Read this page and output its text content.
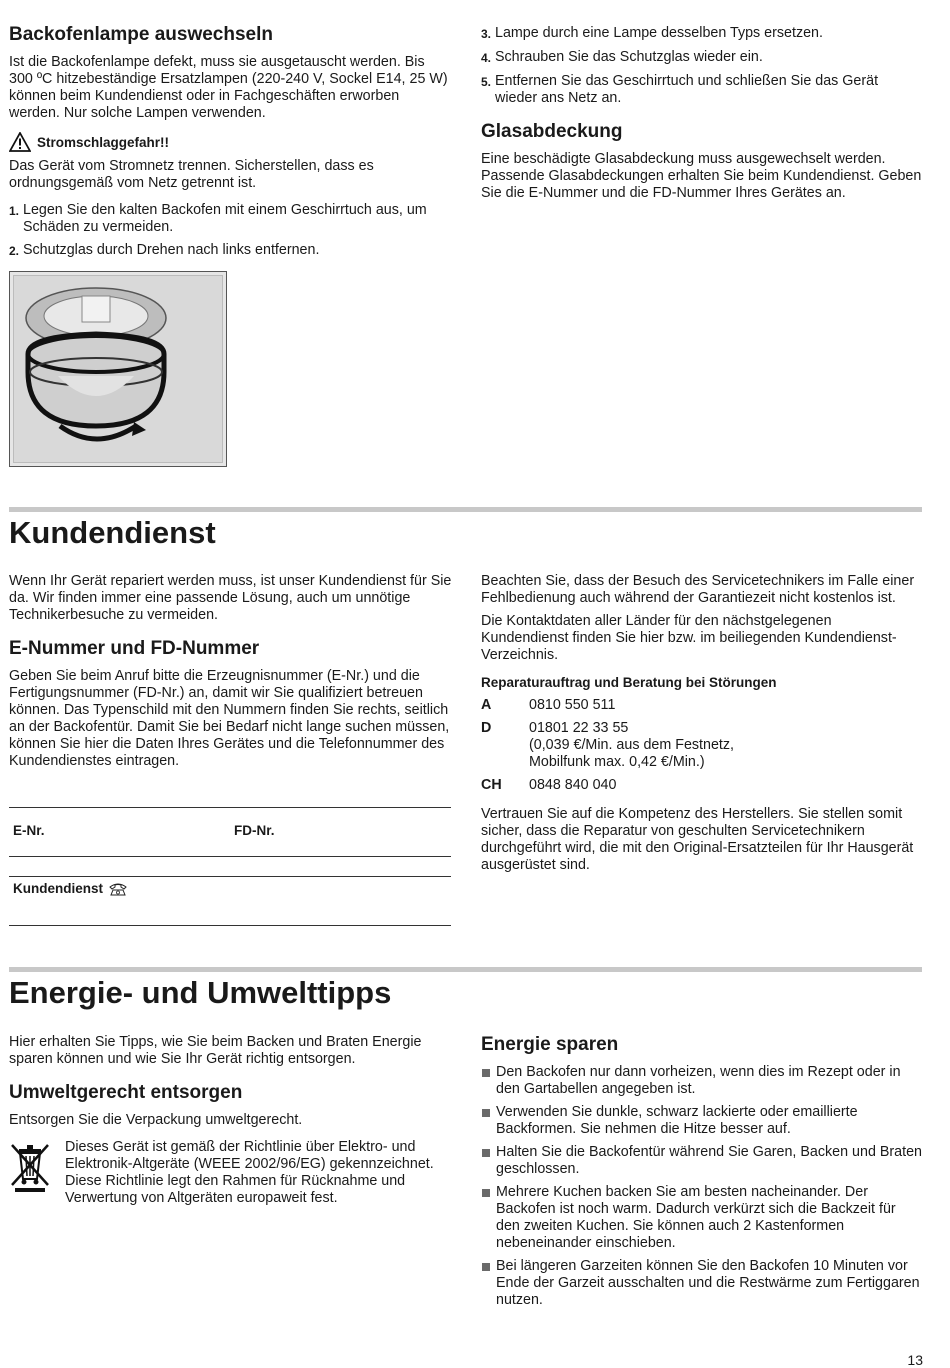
Backofenlampe auswechseln

Ist die Backofenlampe defekt, muss sie ausgetauscht werden. Bis 300 ºC hitzebeständige Ersatzlampen (220‑240 V, Sockel E14, 25 W) können beim Kundendienst oder in Fachgeschäften erworben werden. Nur solche Lampen verwenden.

Stromschlaggefahr!!

Das Gerät vom Stromnetz trennen. Sicherstellen, dass es ordnungsgemäß vom Netz getrennt ist.

1. Legen Sie den kalten Backofen mit einem Geschirrtuch aus, um Schäden zu vermeiden.
2. Schutzglas durch Drehen nach links entfernen.
3. Lampe durch eine Lampe desselben Typs ersetzen.
4. Schrauben Sie das Schutzglas wieder ein.
5. Entfernen Sie das Geschirrtuch und schließen Sie das Gerät wieder ans Netz an.
Glasabdeckung

Eine beschädigte Glasabdeckung muss ausgewechselt werden. Passende Glasabdeckungen erhalten Sie beim Kundendienst. Geben Sie die E‑Nummer und die FD‑Nummer Ihres Gerätes an.

Kundendienst

Wenn Ihr Gerät repariert werden muss, ist unser Kundendienst für Sie da. Wir finden immer eine passende Lösung, auch um unnötige Technikerbesuche zu vermeiden.

E‑Nummer und FD‑Nummer

Geben Sie beim Anruf bitte die Erzeugnisnummer (E‑Nr.) und die Fertigungsnummer (FD‑Nr.) an, damit wir Sie qualifiziert betreuen können. Das Typenschild mit den Nummern finden Sie rechts, seitlich an der Backofentür. Damit Sie bei Bedarf nicht lange suchen müssen, können Sie hier die Daten Ihres Gerätes und die Telefonnummer des Kundendienstes eintragen.

E‑Nr.	FD‑Nr.
Kundendienst

Beachten Sie, dass der Besuch des Servicetechnikers im Falle einer Fehlbedienung auch während der Garantiezeit nicht kostenlos ist.

Die Kontaktdaten aller Länder für den nächstgelegenen Kundendienst finden Sie hier bzw. im beiliegenden Kundendienst-Verzeichnis.

Reparaturauftrag und Beratung bei Störungen
A	0810 550 511
D	01801 22 33 55
(0,039 €/Min. aus dem Festnetz,
Mobilfunk max. 0,42 €/Min.)

CH	0848 840 040

Vertrauen Sie auf die Kompetenz des Herstellers. Sie stellen somit sicher, dass die Reparatur von geschulten Servicetechnikern durchgeführt wird, die mit den Original-Ersatzteilen für Ihr Hausgerät ausgerüstet sind.

Energie- und Umwelttipps

Hier erhalten Sie Tipps, wie Sie beim Backen und Braten Energie sparen können und wie Sie Ihr Gerät richtig entsorgen.

Umweltgerecht entsorgen

Entsorgen Sie die Verpackung umweltgerecht.

Dieses Gerät ist gemäß der Richtlinie über Elektro- und Elektronik-Altgeräte (WEEE 2002/96/EG) gekennzeichnet. Diese Richtlinie legt den Rahmen für Rücknahme und Verwertung von Altgeräten europaweit fest.

Energie sparen
Den Backofen nur dann vorheizen, wenn dies im Rezept oder in den Gartabellen angegeben ist.
Verwenden Sie dunkle, schwarz lackierte oder emaillierte Backformen. Sie nehmen die Hitze besser auf.
Halten Sie die Backofentür während Sie Garen, Backen und Braten geschlossen.
Mehrere Kuchen backen Sie am besten nacheinander. Der Backofen ist noch warm. Dadurch verkürzt sich die Backzeit für den zweiten Kuchen. Sie können auch 2 Kastenformen nebeneinander einschieben.
Bei längeren Garzeiten können Sie den Backofen 10 Minuten vor Ende der Garzeit ausschalten und die Restwärme zum Fertiggaren nutzen.
13
